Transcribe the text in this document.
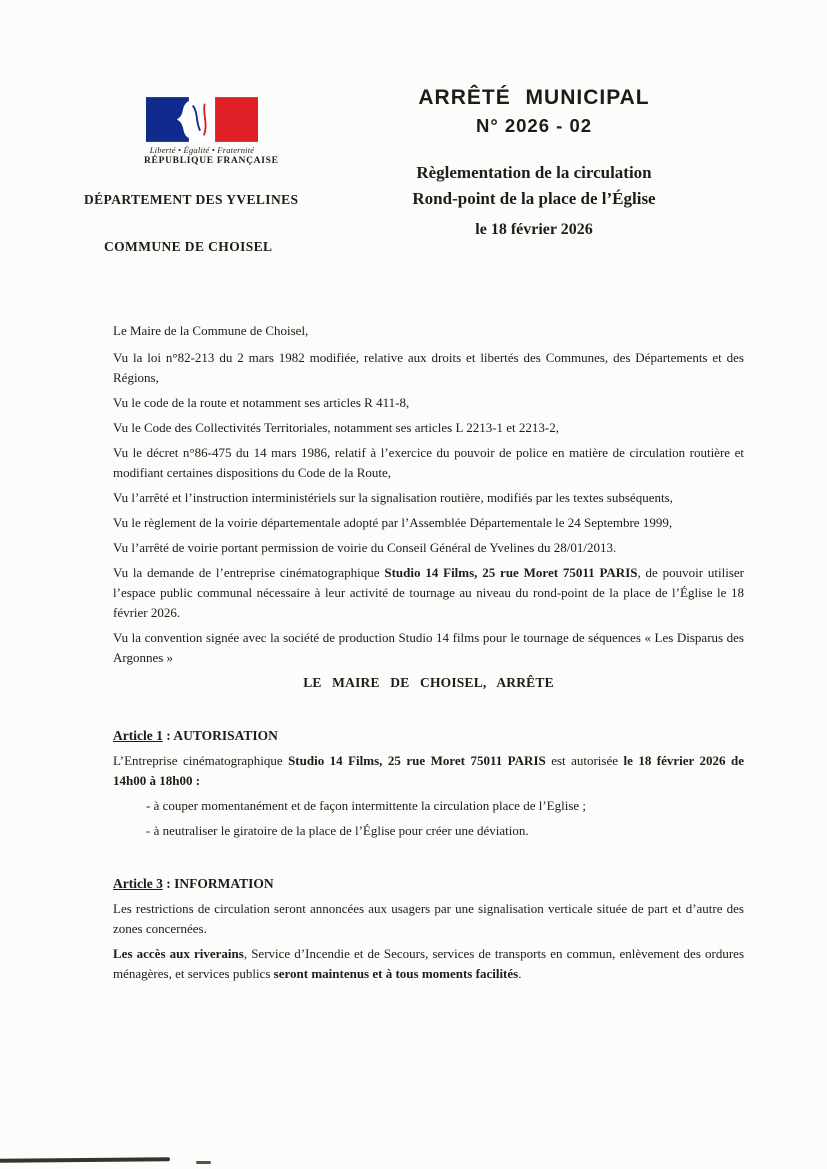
Liberté • Égalité • Fraternité
RÉPUBLIQUE FRANÇAISE
DÉPARTEMENT DES YVELINES
COMMUNE DE CHOISEL
ARRÊTÉ MUNICIPAL
N° 2026 - 02
Règlementation de la circulation
Rond-point de la place de l’Église
le 18 février 2026

Le Maire de la Commune de Choisel,

Vu la loi n°82-213 du 2 mars 1982 modifiée, relative aux droits et libertés des Communes, des Départements et des Régions,

Vu le code de la route et notamment ses articles R 411-8,

Vu le Code des Collectivités Territoriales, notamment ses articles L 2213-1 et 2213-2,

Vu le décret n°86-475 du 14 mars 1986, relatif à l’exercice du pouvoir de police en matière de circulation routière et modifiant certaines dispositions du Code de la Route,

Vu l’arrêté et l’instruction interministériels sur la signalisation routière, modifiés par les textes subséquents,

Vu le règlement de la voirie départementale adopté par l’Assemblée Départementale le 24 Septembre 1999,

Vu l’arrêté de voirie portant permission de voirie du Conseil Général de Yvelines du 28/01/2013.

Vu la demande de l’entreprise cinématographique Studio 14 Films, 25 rue Moret 75011 PARIS, de pouvoir utiliser l’espace public communal nécessaire à leur activité de tournage au niveau du rond-point de la place de l’Église le 18 février 2026.

Vu la convention signée avec la société de production Studio 14 films pour le tournage de séquences « Les Disparus des Argonnes »

LE MAIRE DE CHOISEL, ARRÊTE

Article 1 : AUTORISATION

L’Entreprise cinématographique Studio 14 Films, 25 rue Moret 75011 PARIS est autorisée le 18 février 2026 de 14h00 à 18h00 :

- à couper momentanément et de façon intermittente la circulation place de l’Eglise ;

- à neutraliser le giratoire de la place de l’Église pour créer une déviation.

Article 3 : INFORMATION

Les restrictions de circulation seront annoncées aux usagers par une signalisation verticale située de part et d’autre des zones concernées.

Les accès aux riverains, Service d’Incendie et de Secours, services de transports en commun, enlèvement des ordures ménagères, et services publics seront maintenus et à tous moments facilités.
